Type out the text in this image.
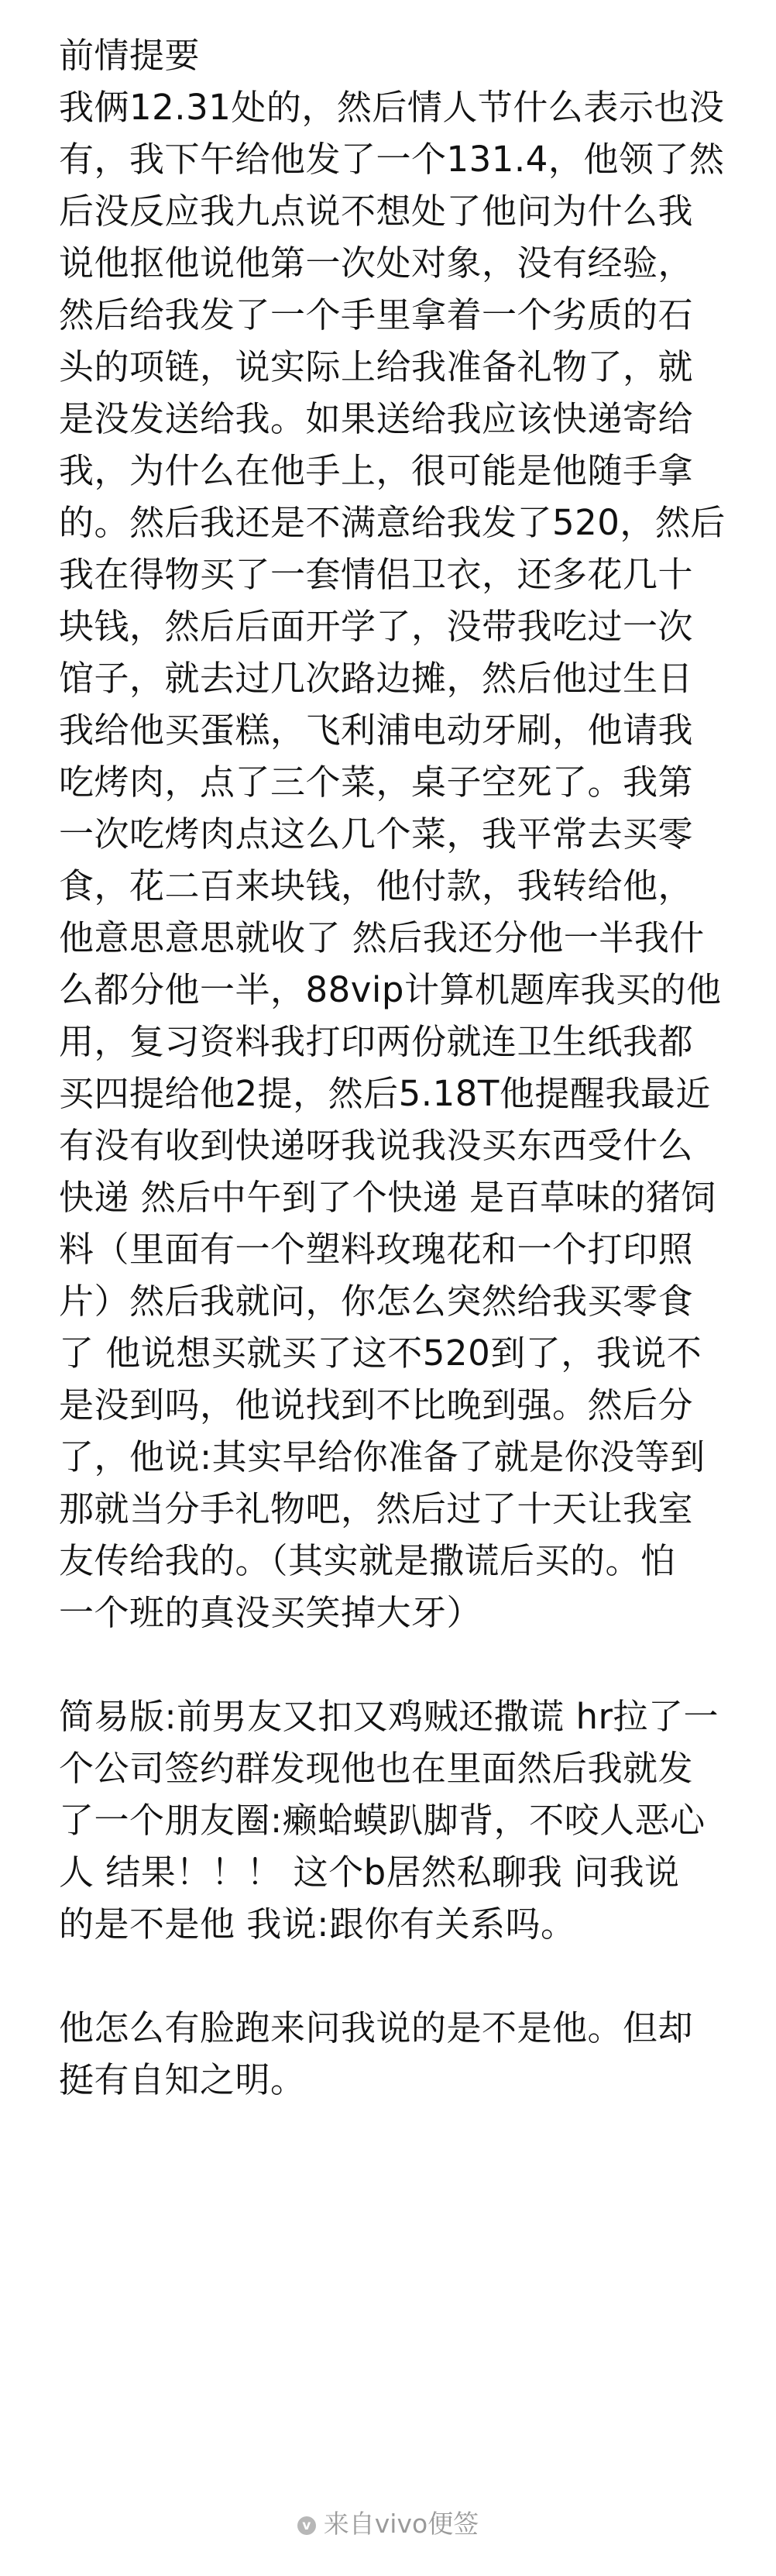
前情提要

我俩12.31处的，然后情人节什么表示也没
有，我下午给他发了一个131.4，他领了然
后没反应我九点说不想处了他问为什么我
说他抠他说他第一次处对象，没有经验，
然后给我发了一个手里拿着一个劣质的石
头的项链，说实际上给我准备礼物了，就
是没发送给我。如果送给我应该快递寄给
我，为什么在他手上，很可能是他随手拿
的。然后我还是不满意给我发了520，然后
我在得物买了一套情侣卫衣，还多花几十
块钱，然后后面开学了，没带我吃过一次
馆子，就去过几次路边摊，然后他过生日
我给他买蛋糕，飞利浦电动牙刷，他请我
吃烤肉，点了三个菜，桌子空死了。我第
一次吃烤肉点这么几个菜，我平常去买零
食，花二百来块钱，他付款，我转给他，
他意思意思就收了 然后我还分他一半我什
么都分他一半，88vip计算机题库我买的他
用，复习资料我打印两份就连卫生纸我都
买四提给他2提，然后5.18T他提醒我最近
有没有收到快递呀我说我没买东西受什么
快递 然后中午到了个快递 是百草味的猪饲
料（里面有一个塑料玫瑰花和一个打印照
片）然后我就问，你怎么突然给我买零食
了 他说想买就买了这不520到了，我说不
是没到吗，他说找到不比晚到强。然后分
了，他说:其实早给你准备了就是你没等到
那就当分手礼物吧，然后过了十天让我室
友传给我的。（其实就是撒谎后买的。怕
一个班的真没买笑掉大牙）

简易版:前男友又扣又鸡贼还撒谎 hr拉了一
个公司签约群发现他也在里面然后我就发
了一个朋友圈:癞蛤蟆趴脚背，不咬人恶心
人 结果！！！ 这个b居然私聊我 问我说
的是不是他 我说:跟你有关系吗。

他怎么有脸跑来问我说的是不是他。但却
挺有自知之明。

v 来自vivo便签
